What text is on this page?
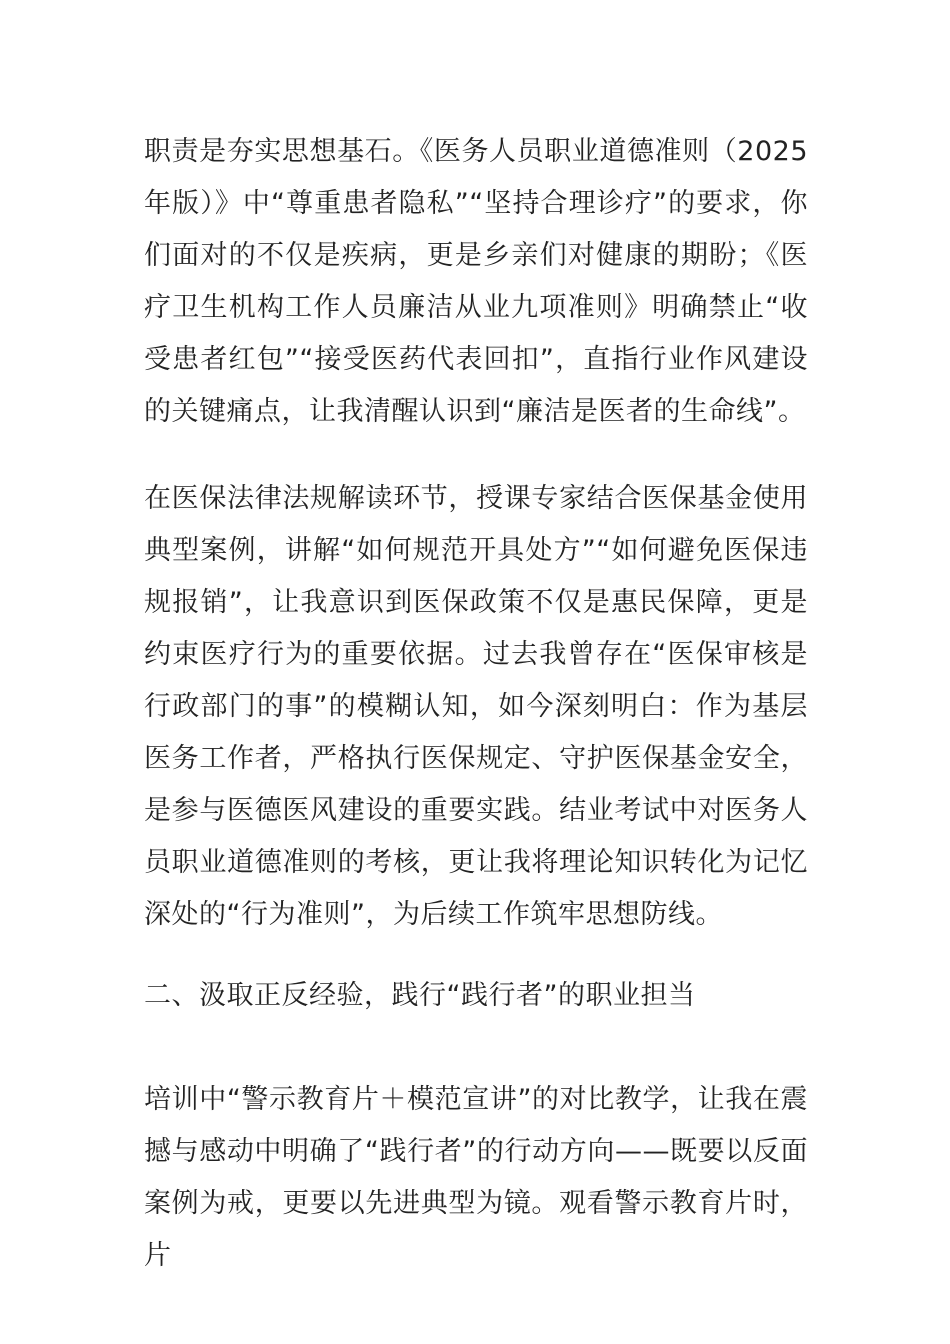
职责是夯实思想基石。《医务人员职业道德准则（2025年版）》中“尊重患者隐私”“坚持合理诊疗”的要求，你们面对的不仅是疾病，更是乡亲们对健康的期盼；《医疗卫生机构工作人员廉洁从业九项准则》明确禁止“收受患者红包”“接受医药代表回扣”，直指行业作风建设的关键痛点，让我清醒认识到“廉洁是医者的生命线”。

在医保法律法规解读环节，授课专家结合医保基金使用典型案例，讲解“如何规范开具处方”“如何避免医保违规报销”，让我意识到医保政策不仅是惠民保障，更是约束医疗行为的重要依据。过去我曾存在“医保审核是行政部门的事”的模糊认知，如今深刻明白：作为基层医务工作者，严格执行医保规定、守护医保基金安全，是参与医德医风建设的重要实践。结业考试中对医务人员职业道德准则的考核，更让我将理论知识转化为记忆深处的“行为准则”，为后续工作筑牢思想防线。

二、汲取正反经验，践行“践行者”的职业担当

培训中“警示教育片＋模范宣讲”的对比教学，让我在震撼与感动中明确了“践行者”的行动方向——既要以反面案例为戒，更要以先进典型为镜。观看警示教育片时，片
